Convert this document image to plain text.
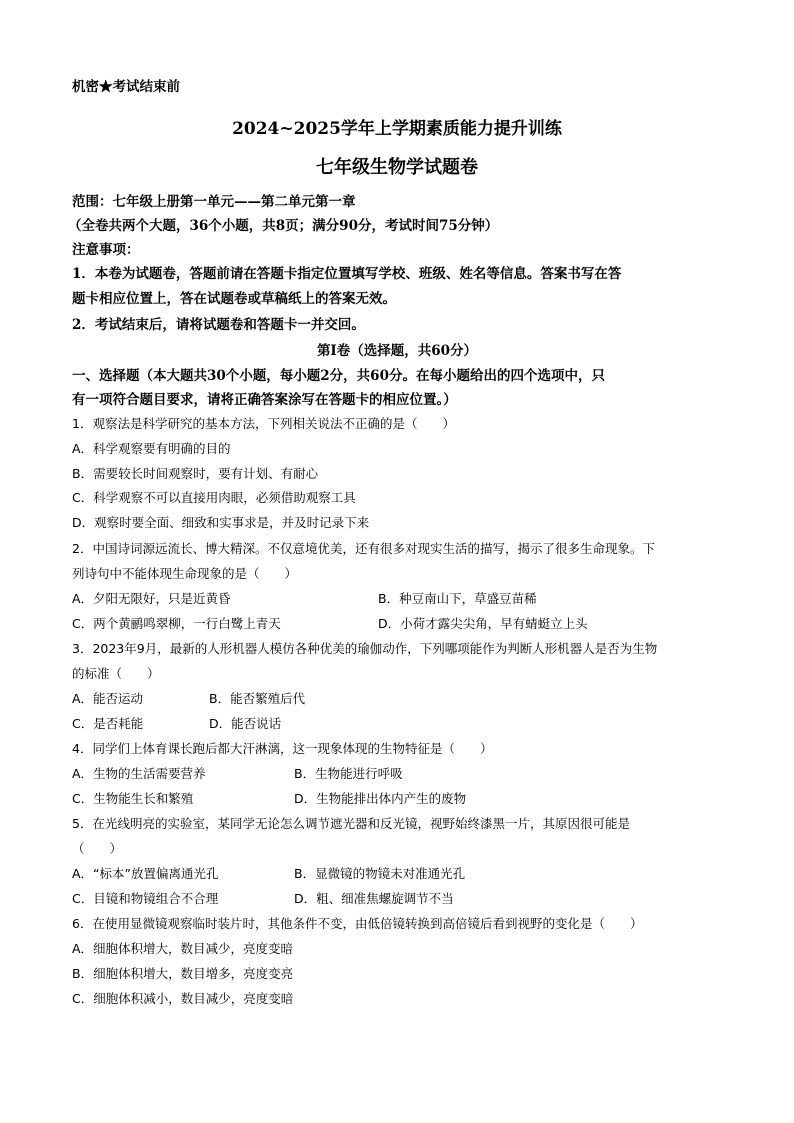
机密★考试结束前
2024~2025学年上学期素质能力提升训练
七年级生物学试题卷
范围：七年级上册第一单元——第二单元第一章
（全卷共两个大题，36个小题，共8页；满分90分，考试时间75分钟）
注意事项：
1．本卷为试题卷，答题前请在答题卡指定位置填写学校、班级、姓名等信息。答案书写在答
题卡相应位置上，答在试题卷或草稿纸上的答案无效。
2．考试结束后，请将试题卷和答题卡一并交回。
第Ⅰ卷（选择题，共60分）
一、选择题（本大题共30个小题，每小题2分，共60分。在每小题给出的四个选项中，只
有一项符合题目要求，请将正确答案涂写在答题卡的相应位置。）
1．观察法是科学研究的基本方法，下列相关说法不正确的是（　　）
A．科学观察要有明确的目的
B．需要较长时间观察时，要有计划、有耐心
C．科学观察不可以直接用肉眼，必须借助观察工具
D．观察时要全面、细致和实事求是，并及时记录下来
2．中国诗词源远流长、博大精深。不仅意境优美，还有很多对现实生活的描写，揭示了很多生命现象。下
列诗句中不能体现生命现象的是（　　）
A．夕阳无限好，只是近黄昏	B．种豆南山下，草盛豆苗稀
C．两个黄鹂鸣翠柳，一行白鹭上青天	D．小荷才露尖尖角，早有蜻蜓立上头
3．2023年9月，最新的人形机器人模仿各种优美的瑜伽动作，下列哪项能作为判断人形机器人是否为生物
的标准（　　）
A．能否运动	B．能否繁殖后代
C．是否耗能	D．能否说话
4．同学们上体育课长跑后都大汗淋漓，这一现象体现的生物特征是（　　）
A．生物的生活需要营养	B．生物能进行呼吸
C．生物能生长和繁殖	D．生物能排出体内产生的废物
5．在光线明亮的实验室，某同学无论怎么调节遮光器和反光镜，视野始终漆黑一片，其原因很可能是
（　　）
A．“标本”放置偏离通光孔	B．显微镜的物镜未对准通光孔
C．目镜和物镜组合不合理	D．粗、细准焦螺旋调节不当
6．在使用显微镜观察临时装片时，其他条件不变，由低倍镜转换到高倍镜后看到视野的变化是（　　）
A．细胞体积增大，数目减少，亮度变暗
B．细胞体积增大，数目增多，亮度变亮
C．细胞体积减小，数目减少，亮度变暗
